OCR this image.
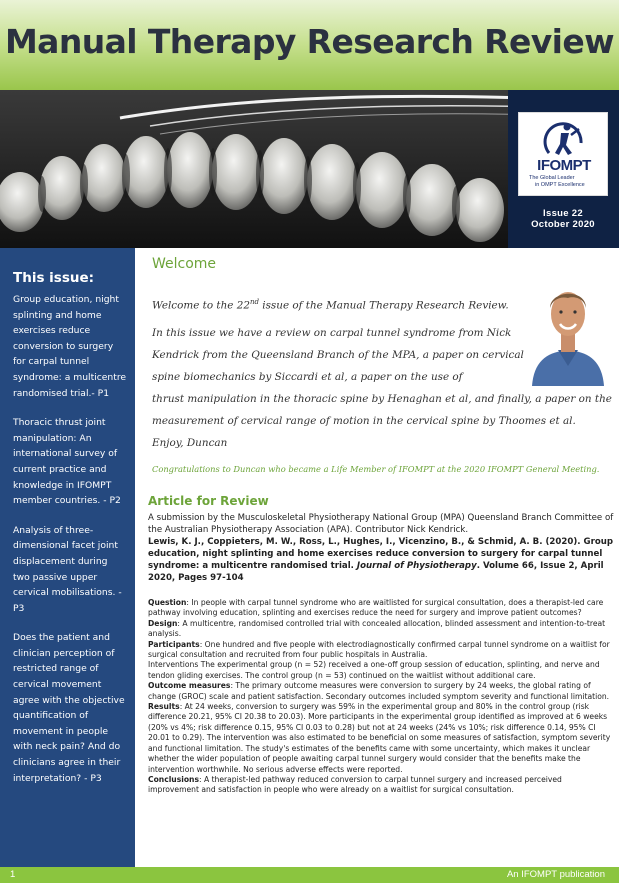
Manual Therapy Research Review
IFOMPT
The Global Leader
in OMPT Excellence
Issue 22
October 2020
This issue:
Group education, night splinting and home exercises reduce conversion to surgery for carpal tunnel syndrome: a multicentre randomised trial.- P1
Thoracic thrust joint manipulation: An international survey of current practice and knowledge in IFOMPT member countries. - P2
Analysis of three-dimensional facet joint displacement during two passive upper cervical mobilisations. - P3
Does the patient and clinician perception of restricted range of cervical movement agree with the objective quantification of movement in people with neck pain? And do clinicians agree in their interpretation? - P3
Welcome
Welcome to the 22nd issue of the Manual Therapy Research Review.
In this issue we have a review on carpal tunnel syndrome from Nick Kendrick from the Queensland Branch of the MPA, a paper on cervical spine biomechanics by Siccardi et al, a paper on the use of
thrust manipulation in the thoracic spine by Henaghan et al, and finally, a paper on the measurement of cervical range of motion in the cervical spine by Thoomes et al.
Enjoy, Duncan
Congratulations to Duncan who became a Life Member of IFOMPT at the 2020 IFOMPT General Meeting.
Article for Review
A submission by the Musculoskeletal Physiotherapy National Group (MPA) Queensland Branch Committee of the Australian Physiotherapy Association (APA). Contributor Nick Kendrick.
Lewis, K. J., Coppieters, M. W., Ross, L., Hughes, I., Vicenzino, B., & Schmid, A. B. (2020). Group education, night splinting and home exercises reduce conversion to surgery for carpal tunnel syndrome: a multicentre randomised trial. Journal of Physiotherapy. Volume 66, Issue 2, April 2020, Pages 97-104

Question: In people with carpal tunnel syndrome who are waitlisted for surgical consultation, does a therapist-led care pathway involving education, splinting and exercises reduce the need for surgery and improve patient outcomes?

Design: A multicentre, randomised controlled trial with concealed allocation, blinded assessment and intention-to-treat analysis.

Participants: One hundred and five people with electrodiagnostically confirmed carpal tunnel syndrome on a waitlist for surgical consultation and recruited from four public hospitals in Australia.

Interventions The experimental group (n = 52) received a one-off group session of education, splinting, and nerve and tendon gliding exercises. The control group (n = 53) continued on the waitlist without additional care.

Outcome measures: The primary outcome measures were conversion to surgery by 24 weeks, the global rating of change (GROC) scale and patient satisfaction. Secondary outcomes included symptom severity and functional limitation.

Results: At 24 weeks, conversion to surgery was 59% in the experimental group and 80% in the control group (risk difference 20.21, 95% CI 20.38 to 20.03). More participants in the experimental group identified as improved at 6 weeks (20% vs 4%; risk difference 0.15, 95% CI 0.03 to 0.28) but not at 24 weeks (24% vs 10%; risk difference 0.14, 95% CI 20.01 to 0.29). The intervention was also estimated to be beneficial on some measures of satisfaction, symptom severity and functional limitation. The study's estimates of the benefits came with some uncertainty, which makes it unclear whether the wider population of people awaiting carpal tunnel surgery would consider that the benefits make the intervention worthwhile. No serious adverse effects were reported.

Conclusions: A therapist-led pathway reduced conversion to carpal tunnel surgery and increased perceived improvement and satisfaction in people who were already on a waitlist for surgical consultation.

1	An IFOMPT publication
